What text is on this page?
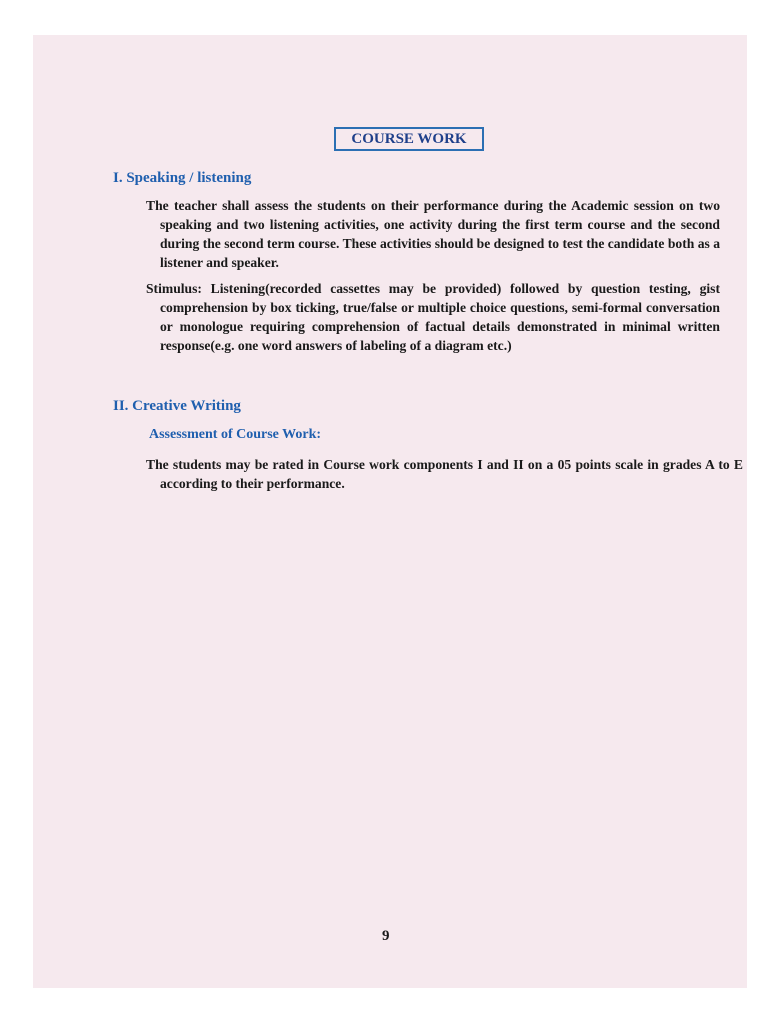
COURSE WORK
I. Speaking / listening
The teacher shall assess the students on their performance during the Academic session on two speaking and two listening activities, one activity during the first term course and the second during the second term course. These activities should be designed to test the candidate both as a listener and speaker.
Stimulus: Listening(recorded cassettes may be provided) followed by question testing, gist comprehension by box ticking, true/false or multiple choice questions, semi-formal conversation or monologue requiring comprehension of factual details demonstrated in minimal written response(e.g. one word answers of labeling of a diagram etc.)
II. Creative Writing
Assessment of Course Work:
The students may be rated in Course work components I and II on a 05 points scale in grades A to E according to their performance.
9
